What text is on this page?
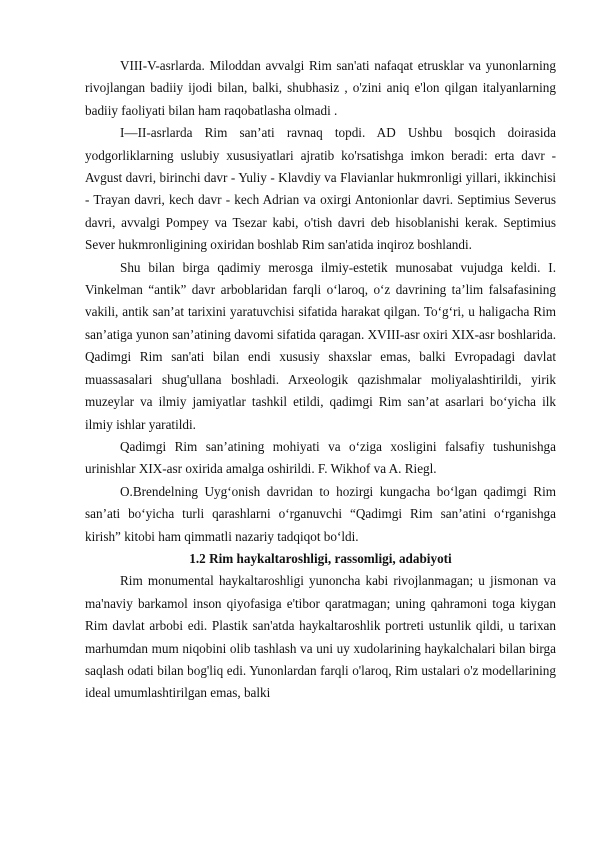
VIII-V-asrlarda. Miloddan avvalgi Rim san'ati nafaqat etrusklar va yunonlarning rivojlangan badiiy ijodi bilan, balki, shubhasiz , o'zini aniq e'lon qilgan italyanlarning badiiy faoliyati bilan ham raqobatlasha olmadi .

I—II-asrlarda Rim san’ati ravnaq topdi. AD Ushbu bosqich doirasida yodgorliklarning uslubiy xususiyatlari ajratib ko'rsatishga imkon beradi: erta davr - Avgust davri, birinchi davr - Yuliy - Klavdiy va Flavianlar hukmronligi yillari, ikkinchisi - Trayan davri, kech davr - kech Adrian va oxirgi Antonionlar davri. Septimius Severus davri, avvalgi Pompey va Tsezar kabi, o'tish davri deb hisoblanishi kerak. Septimius Sever hukmronligining oxiridan boshlab Rim san'atida inqiroz boshlandi.

Shu bilan birga qadimiy merosga ilmiy-estetik munosabat vujudga keldi. I. Vinkelman “antik” davr arboblaridan farqli o‘laroq, o‘z davrining ta’lim falsafasining vakili, antik san’at tarixini yaratuvchisi sifatida harakat qilgan. To‘g‘ri, u haligacha Rim san’atiga yunon san’atining davomi sifatida qaragan. XVIII-asr oxiri XIX-asr boshlarida. Qadimgi Rim san'ati bilan endi xususiy shaxslar emas, balki Evropadagi davlat muassasalari shug'ullana boshladi. Arxeologik qazishmalar moliyalashtirildi, yirik muzeylar va ilmiy jamiyatlar tashkil etildi, qadimgi Rim san’at asarlari bo‘yicha ilk ilmiy ishlar yaratildi.

Qadimgi Rim san’atining mohiyati va o‘ziga xosligini falsafiy tushunishga urinishlar XIX-asr oxirida amalga oshirildi. F. Wikhof va A. Riegl.

O.Brendelning Uyg‘onish davridan to hozirgi kungacha bo‘lgan qadimgi Rim san’ati bo‘yicha turli qarashlarni o‘rganuvchi “Qadimgi Rim san’atini o‘rganishga kirish” kitobi ham qimmatli nazariy tadqiqot bo‘ldi.

1.2 Rim haykaltaroshligi, rassomligi, adabiyoti

Rim monumental haykaltaroshligi yunoncha kabi rivojlanmagan; u jismonan va ma'naviy barkamol inson qiyofasiga e'tibor qaratmagan; uning qahramoni toga kiygan Rim davlat arbobi edi. Plastik san'atda haykaltaroshlik portreti ustunlik qildi, u tarixan marhumdan mum niqobini olib tashlash va uni uy xudolarining haykalchalari bilan birga saqlash odati bilan bog'liq edi. Yunonlardan farqli o'laroq, Rim ustalari o'z modellarining ideal umumlashtirilgan emas, balki
